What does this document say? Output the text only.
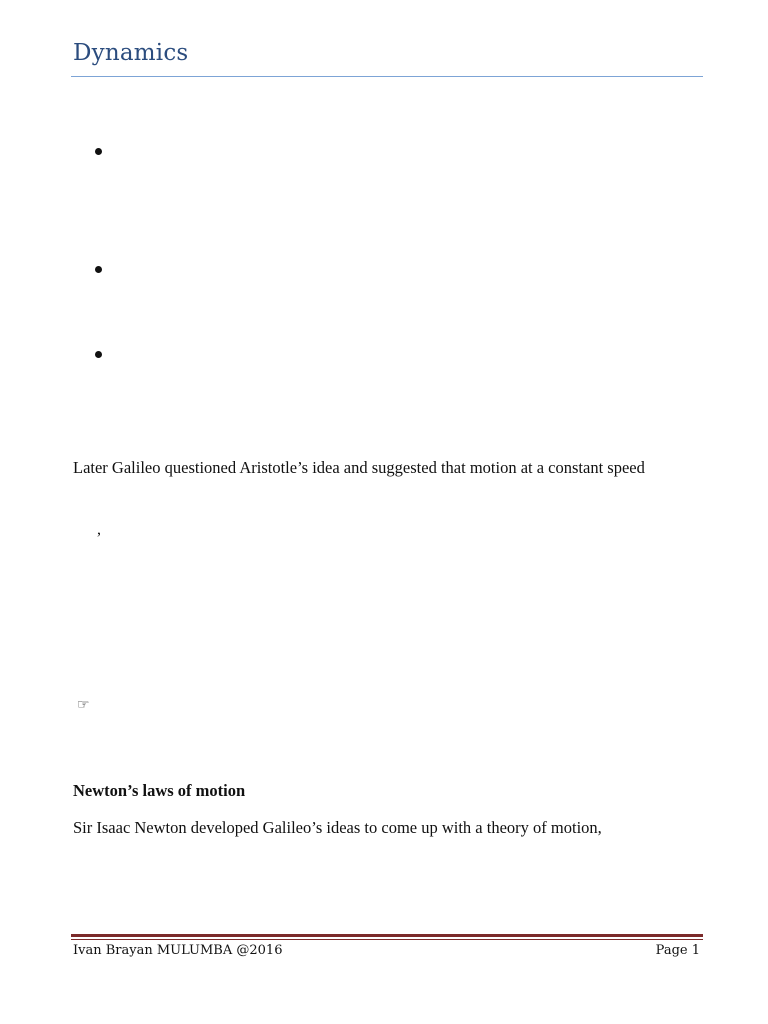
Dynamics
Later Galileo questioned Aristotle’s idea and suggested that motion at a constant speed
,
☞
Newton’s laws of motion
Sir Isaac Newton developed Galileo’s ideas to come up with a theory of motion,
Ivan Brayan MULUMBA @2016	Page 1
